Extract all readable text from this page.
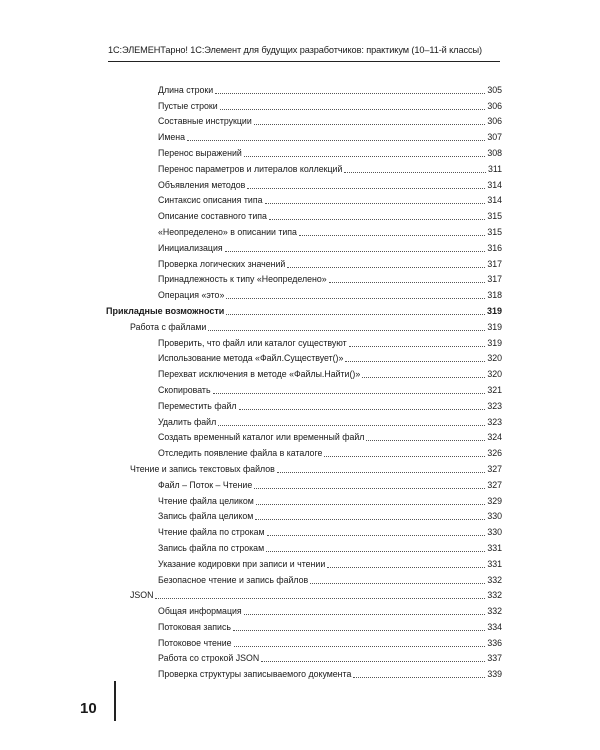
1С:ЭЛЕМЕНТарно! 1С:Элемент для будущих разработчиков: практикум (10–11-й классы)
Длина строки	305
Пустые строки	306
Составные инструкции	306
Имена	307
Перенос выражений	308
Перенос параметров и литералов коллекций	311
Объявления методов	314
Синтаксис описания типа	314
Описание составного типа	315
«Неопределено» в описании типа	315
Инициализация	316
Проверка логических значений	317
Принадлежность к типу «Неопределено»	317
Операция «это»	318
Прикладные возможности	319
Работа с файлами	319
Проверить, что файл или каталог существуют	319
Использование метода «Файл.Существует()»	320
Перехват исключения в методе «Файлы.Найти()»	320
Скопировать	321
Переместить файл	323
Удалить файл	323
Создать временный каталог или временный файл	324
Отследить появление файла в каталоге	326
Чтение и запись текстовых файлов	327
Файл – Поток – Чтение	327
Чтение файла целиком	329
Запись файла целиком	330
Чтение файла по строкам	330
Запись файла по строкам	331
Указание кодировки при записи и чтении	331
Безопасное чтение и запись файлов	332
JSON	332
Общая информация	332
Потоковая запись	334
Потоковое чтение	336
Работа со строкой JSON	337
Проверка структуры записываемого документа	339
10
